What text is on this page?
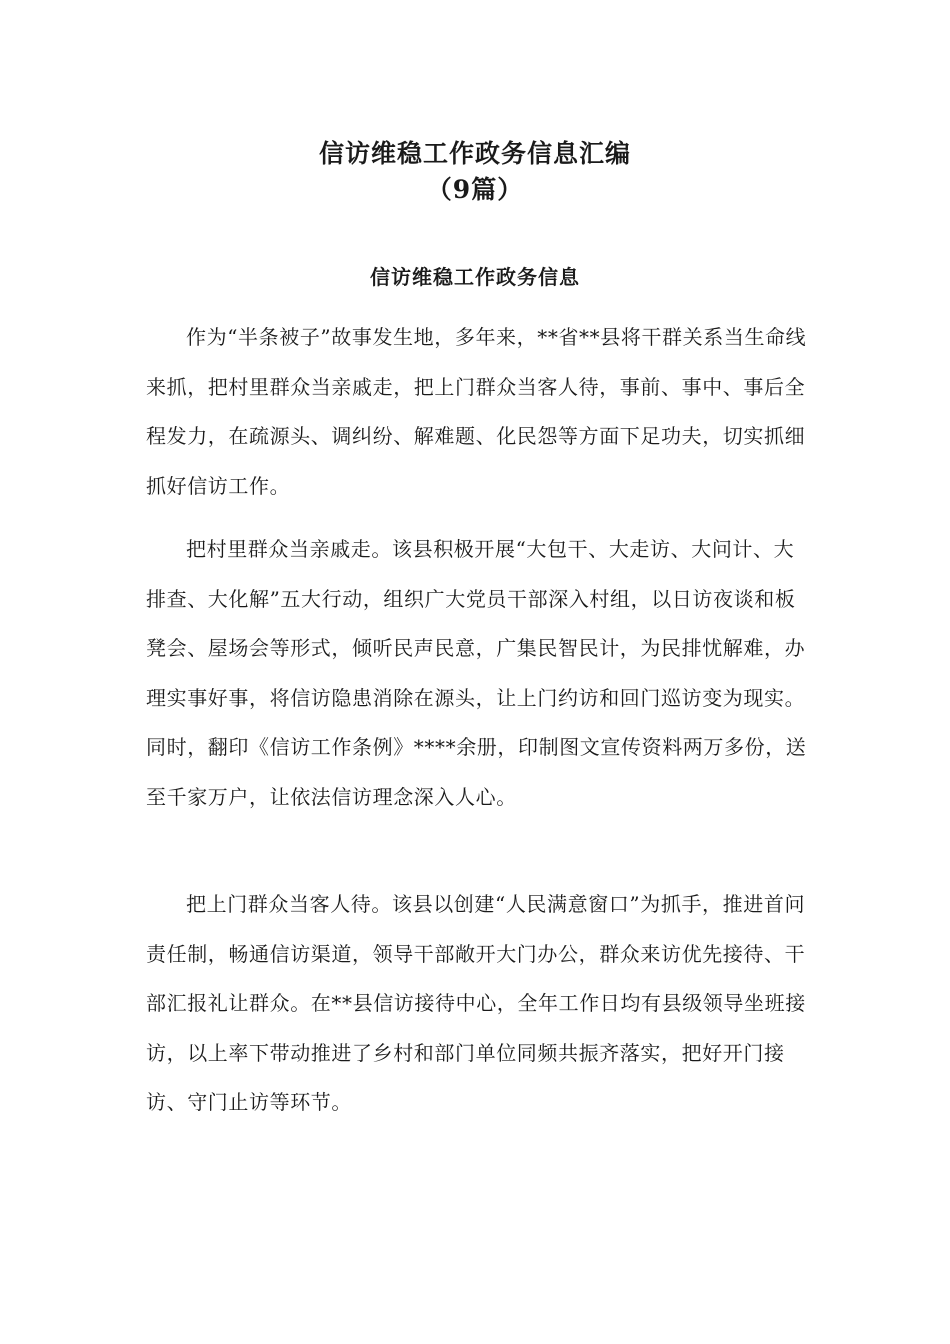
信访维稳工作政务信息汇编
（9篇）
信访维稳工作政务信息

作为“半条被子”故事发生地，多年来，**省**县将干群关系当生命线来抓，把村里群众当亲戚走，把上门群众当客人待，事前、事中、事后全程发力，在疏源头、调纠纷、解难题、化民怨等方面下足功夫，切实抓细抓好信访工作。

把村里群众当亲戚走。该县积极开展“大包干、大走访、大问计、大排查、大化解”五大行动，组织广大党员干部深入村组，以日访夜谈和板凳会、屋场会等形式，倾听民声民意，广集民智民计，为民排忧解难，办理实事好事，将信访隐患消除在源头，让上门约访和回门巡访变为现实。同时，翻印《信访工作条例》****余册，印制图文宣传资料两万多份，送至千家万户，让依法信访理念深入人心。

把上门群众当客人待。该县以创建“人民满意窗口”为抓手，推进首问责任制，畅通信访渠道，领导干部敞开大门办公，群众来访优先接待、干部汇报礼让群众。在**县信访接待中心，全年工作日均有县级领导坐班接访，以上率下带动推进了乡村和部门单位同频共振齐落实，把好开门接访、守门止访等环节。
